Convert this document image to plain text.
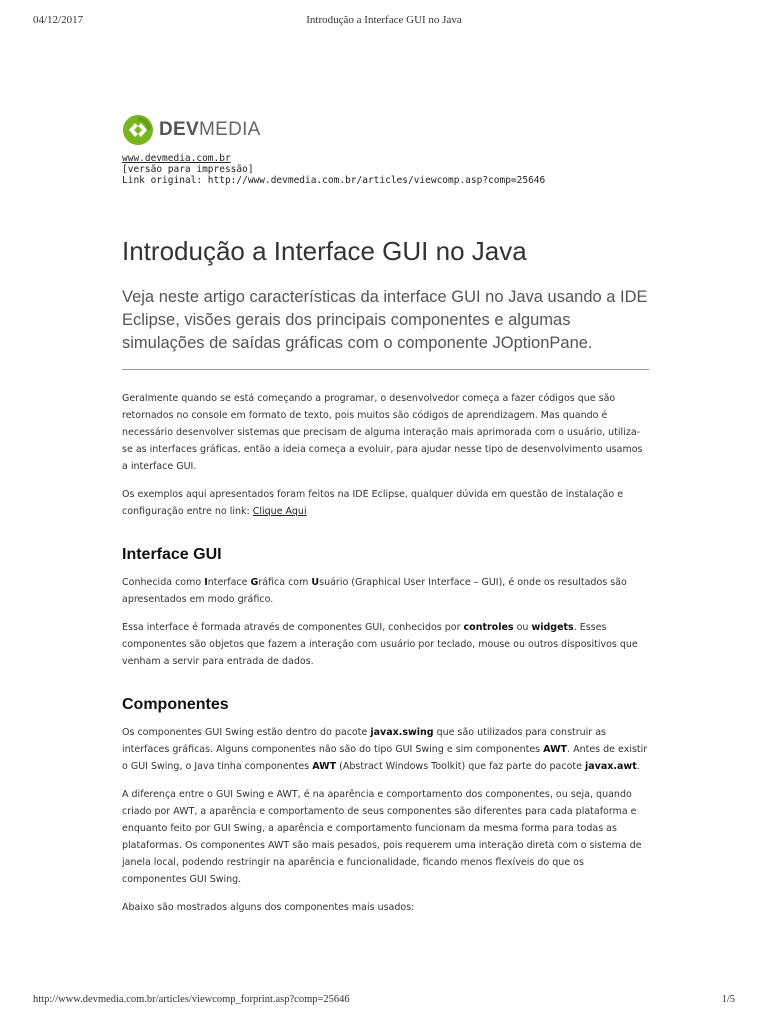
04/12/2017	Introdução a Interface GUI no Java
DEVMEDIA
www.devmedia.com.br
[versão para impressão]
Link original: http://www.devmedia.com.br/articles/viewcomp.asp?comp=25646
Introdução a Interface GUI no Java
Veja neste artigo características da interface GUI no Java usando a IDE Eclipse, visões gerais dos principais componentes e algumas simulações de saídas gráficas com o componente JOptionPane.

Geralmente quando se está começando a programar, o desenvolvedor começa a fazer códigos que são retornados no console em formato de texto, pois muitos são códigos de aprendizagem. Mas quando é necessário desenvolver sistemas que precisam de alguma interação mais aprimorada com o usuário, utiliza-se as interfaces gráficas, então a ideia começa a evoluir, para ajudar nesse tipo de desenvolvimento usamos a interface GUI.

Os exemplos aqui apresentados foram feitos na IDE Eclipse, qualquer dúvida em questão de instalação e configuração entre no link: Clique Aqui

Interface GUI

Conhecida como Interface Gráfica com Usuário (Graphical User Interface – GUI), é onde os resultados são apresentados em modo gráfico.

Essa interface é formada através de componentes GUI, conhecidos por controles ou widgets. Esses componentes são objetos que fazem a interação com usuário por teclado, mouse ou outros dispositivos que venham a servir para entrada de dados.

Componentes

Os componentes GUI Swing estão dentro do pacote javax.swing que são utilizados para construir as interfaces gráficas. Alguns componentes não são do tipo GUI Swing e sim componentes AWT. Antes de existir o GUI Swing, o Java tinha componentes AWT (Abstract Windows Toolkit) que faz parte do pacote javax.awt.

A diferença entre o GUI Swing e AWT, é na aparência e comportamento dos componentes, ou seja, quando criado por AWT, a aparência e comportamento de seus componentes são diferentes para cada plataforma e enquanto feito por GUI Swing, a aparência e comportamento funcionam da mesma forma para todas as plataformas. Os componentes AWT são mais pesados, pois requerem uma interação direta com o sistema de janela local, podendo restringir na aparência e funcionalidade, ficando menos flexíveis do que os componentes GUI Swing.

Abaixo são mostrados alguns dos componentes mais usados:

http://www.devmedia.com.br/articles/viewcomp_forprint.asp?comp=25646	1/5
